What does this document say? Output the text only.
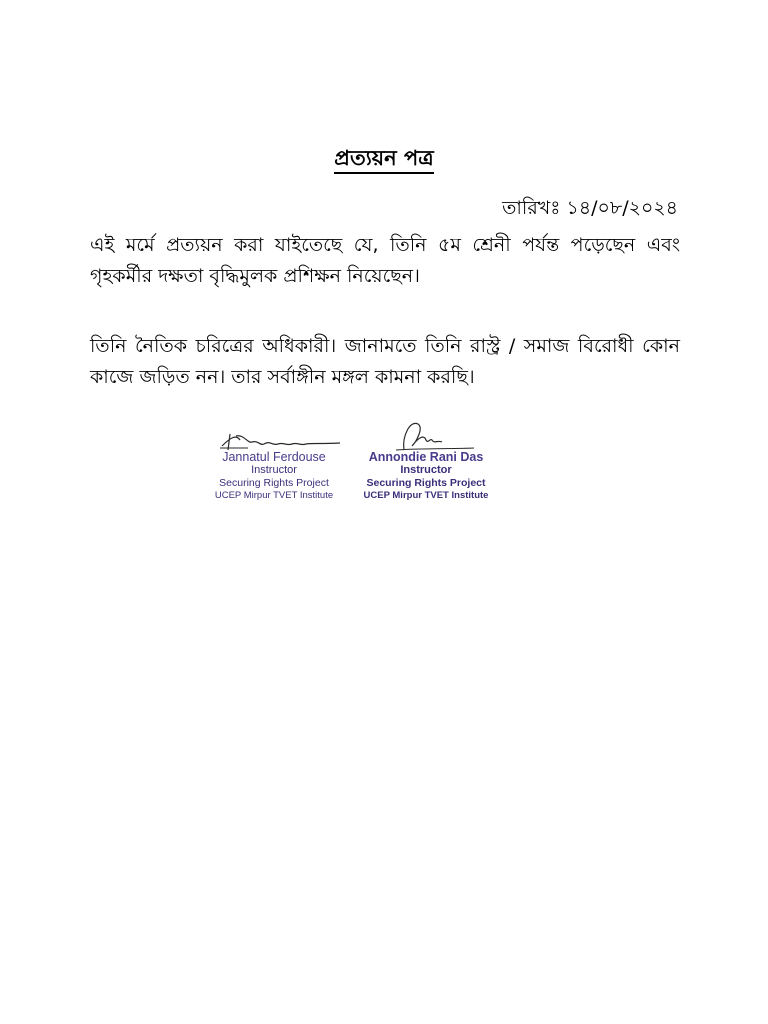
প্রত্যয়ন পত্র
তারিখঃ ১৪/০৮/২০২৪
এই মর্মে প্রত্যয়ন করা যাইতেছে যে, তিনি ৫ম শ্রেনী পর্যন্ত পড়েছেন এবং গৃহকর্মীর দক্ষতা বৃদ্ধিমুলক প্রশিক্ষন নিয়েছেন।
তিনি নৈতিক চরিত্রের অধিকারী। জানামতে তিনি রাস্ট্র / সমাজ বিরোধী কোন কাজে জড়িত নন। তার সর্বাঙ্গীন মঙ্গল কামনা করছি।
Jannatul Ferdouse
Instructor
Securing Rights Project
UCEP Mirpur TVET Institute
Annondie Rani Das
Instructor
Securing Rights Project
UCEP Mirpur TVET Institute
